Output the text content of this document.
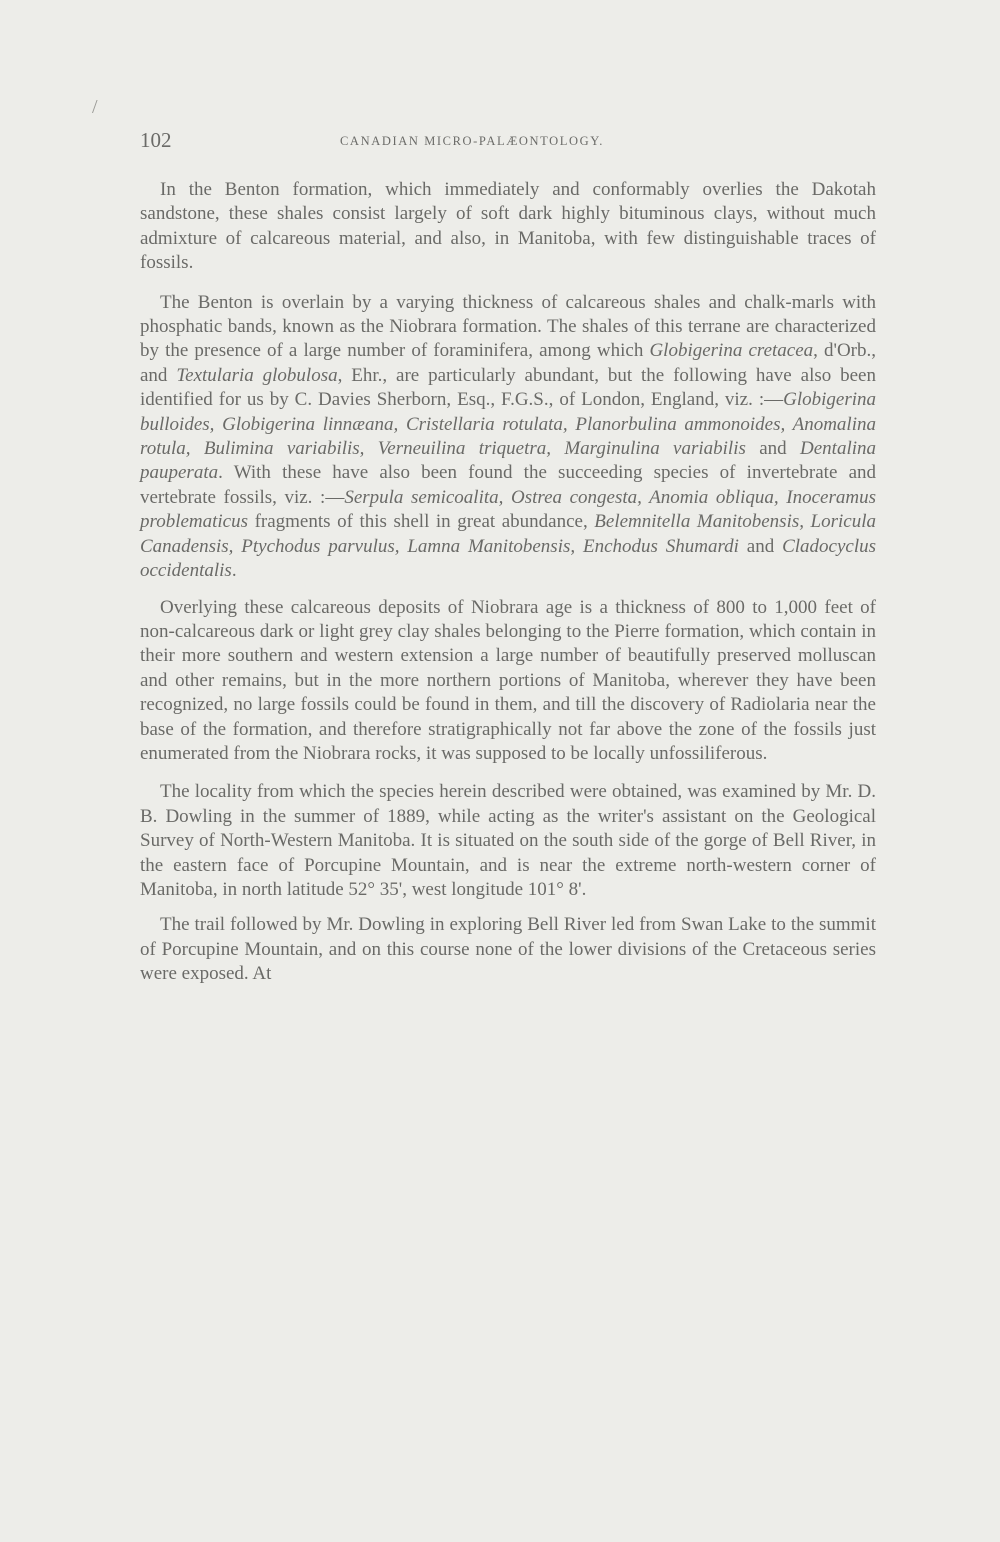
/
102	CANADIAN MICRO-PALÆONTOLOGY.

In the Benton formation, which immediately and conformably overlies the Dakotah sandstone, these shales consist largely of soft dark highly bituminous clays, without much admixture of calcareous material, and also, in Manitoba, with few distinguishable traces of fossils.

The Benton is overlain by a varying thickness of calcareous shales and chalk-marls with phosphatic bands, known as the Niobrara formation. The shales of this terrane are characterized by the presence of a large number of foraminifera, among which Globigerina cretacea, d'Orb., and Textularia globulosa, Ehr., are particularly abundant, but the following have also been identified for us by C. Davies Sherborn, Esq., F.G.S., of London, England, viz. :—Globigerina bulloides, Globigerina linnæana, Cristellaria rotulata, Planorbulina ammonoides, Anomalina rotula, Bulimina variabilis, Verneuilina triquetra, Marginulina variabilis and Dentalina pauperata. With these have also been found the succeeding species of invertebrate and vertebrate fossils, viz. :—Serpula semicoalita, Ostrea congesta, Anomia obliqua, Inoceramus problematicus fragments of this shell in great abundance, Belemnitella Manitobensis, Loricula Canadensis, Ptychodus parvulus, Lamna Manitobensis, Enchodus Shumardi and Cladocyclus occidentalis.

Overlying these calcareous deposits of Niobrara age is a thickness of 800 to 1,000 feet of non-calcareous dark or light grey clay shales belonging to the Pierre formation, which contain in their more southern and western extension a large number of beautifully preserved molluscan and other remains, but in the more northern portions of Manitoba, wherever they have been recognized, no large fossils could be found in them, and till the discovery of Radiolaria near the base of the formation, and therefore stratigraphically not far above the zone of the fossils just enumerated from the Niobrara rocks, it was supposed to be locally unfossiliferous.

The locality from which the species herein described were obtained, was examined by Mr. D. B. Dowling in the summer of 1889, while acting as the writer's assistant on the Geological Survey of North-Western Manitoba. It is situated on the south side of the gorge of Bell River, in the eastern face of Porcupine Mountain, and is near the extreme north-western corner of Manitoba, in north latitude 52° 35', west longitude 101° 8'.

The trail followed by Mr. Dowling in exploring Bell River led from Swan Lake to the summit of Porcupine Mountain, and on this course none of the lower divisions of the Cretaceous series were exposed. At
